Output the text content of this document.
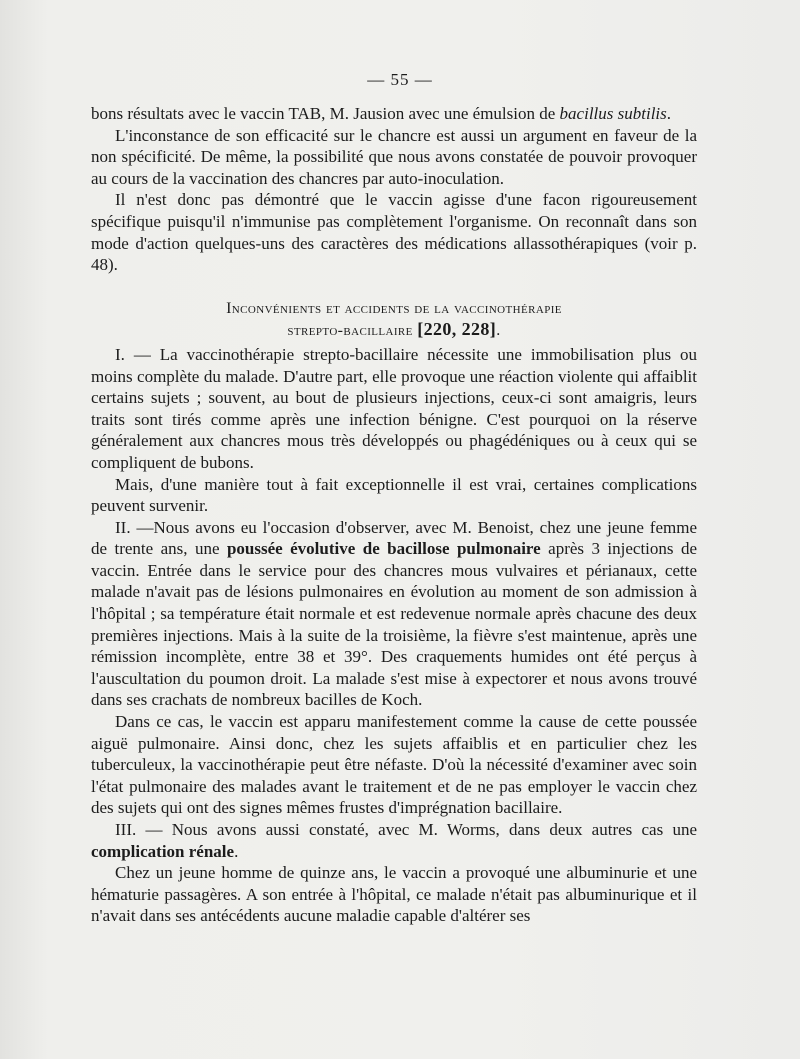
— 55 —

bons résultats avec le vaccin TAB, M. Jausion avec une émulsion de bacillus subtilis.

L'inconstance de son efficacité sur le chancre est aussi un argument en faveur de la non spécificité. De même, la possibilité que nous avons constatée de pouvoir provoquer au cours de la vaccination des chancres par auto-inoculation.

Il n'est donc pas démontré que le vaccin agisse d'une facon rigoureusement spécifique puisqu'il n'immunise pas complètement l'organisme. On reconnaît dans son mode d'action quelques-uns des caractères des médications allassothérapiques (voir p. 48).

Inconvénients et accidents de la vaccinothérapie
strepto-bacillaire [220, 228].

I. — La vaccinothérapie strepto-bacillaire nécessite une immobilisation plus ou moins complète du malade. D'autre part, elle provoque une réaction violente qui affaiblit certains sujets ; souvent, au bout de plusieurs injections, ceux-ci sont amaigris, leurs traits sont tirés comme après une infection bénigne. C'est pourquoi on la réserve généralement aux chancres mous très développés ou phagédéniques ou à ceux qui se compliquent de bubons.

Mais, d'une manière tout à fait exceptionnelle il est vrai, certaines complications peuvent survenir.

II. —Nous avons eu l'occasion d'observer, avec M. Benoist, chez une jeune femme de trente ans, une poussée évolutive de bacillose pulmonaire après 3 injections de vaccin. Entrée dans le service pour des chancres mous vulvaires et périanaux, cette malade n'avait pas de lésions pulmonaires en évolution au moment de son admission à l'hôpital ; sa température était normale et est redevenue normale après chacune des deux premières injections. Mais à la suite de la troisième, la fièvre s'est maintenue, après une rémission incomplète, entre 38 et 39°. Des craquements humides ont été perçus à l'auscultation du poumon droit. La malade s'est mise à expectorer et nous avons trouvé dans ses crachats de nombreux bacilles de Koch.

Dans ce cas, le vaccin est apparu manifestement comme la cause de cette poussée aiguë pulmonaire. Ainsi donc, chez les sujets affaiblis et en particulier chez les tuberculeux, la vaccinothérapie peut être néfaste. D'où la nécessité d'examiner avec soin l'état pulmonaire des malades avant le traitement et de ne pas employer le vaccin chez des sujets qui ont des signes mêmes frustes d'imprégnation bacillaire.

III. — Nous avons aussi constaté, avec M. Worms, dans deux autres cas une complication rénale.

Chez un jeune homme de quinze ans, le vaccin a provoqué une albuminurie et une hématurie passagères. A son entrée à l'hôpital, ce malade n'était pas albuminurique et il n'avait dans ses antécédents aucune maladie capable d'altérer ses
